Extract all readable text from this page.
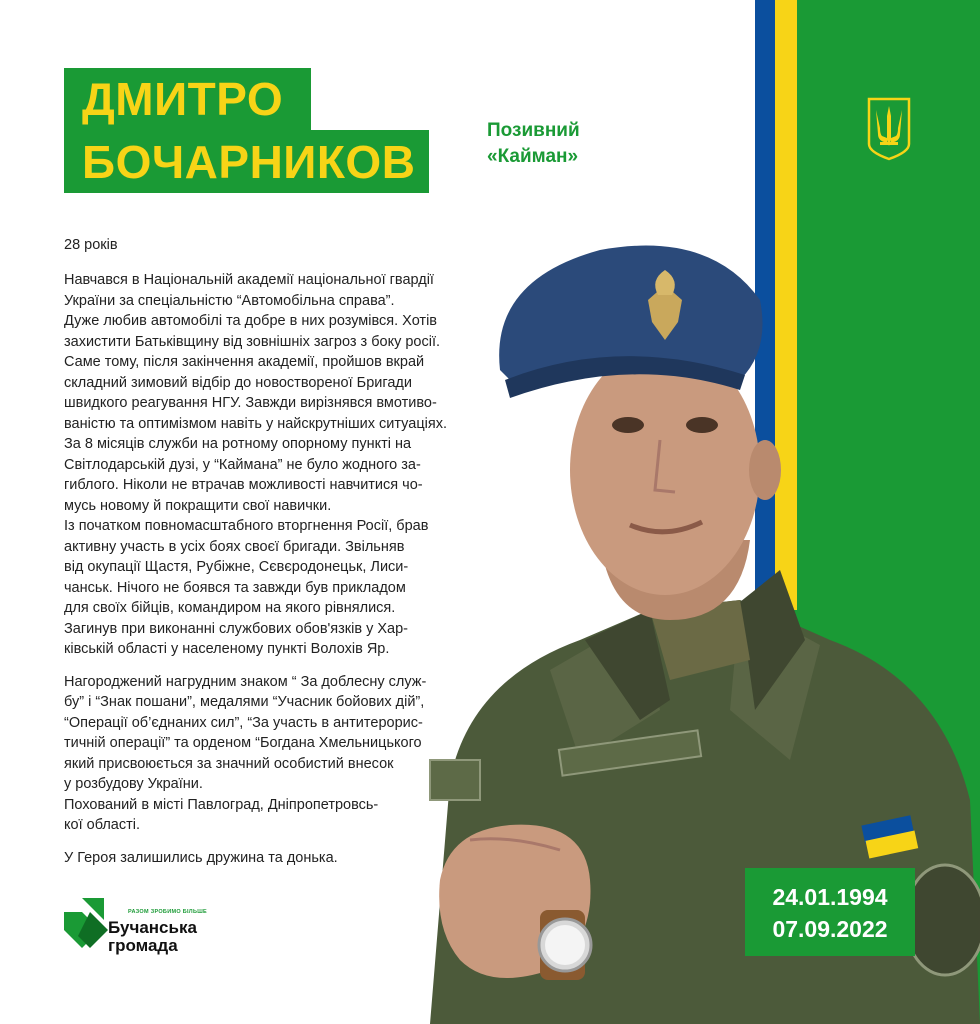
ДМИТРО
БОЧАРНИКОВ
Позивний
«Кайман»
28 років

Навчався в Національній академії національної гвардії
України за спеціальністю “Автомобільна справа”.
Дуже любив автомобілі та добре в них розумівся. Хотів
захистити Батьківщину від зовнішніх загроз з боку росії.
Саме тому, після закінчення академії, пройшов вкрай
складний зимовий відбір до новоствореної Бригади
швидкого реагування НГУ. Завжди вирізнявся вмотиво-
ваністю та оптимізмом навіть у найскрутніших ситуаціях.
За 8 місяців служби на ротному опорному пункті на
Світлодарській дузі, у “Каймана” не було жодного за-
гиблого. Ніколи не втрачав можливості навчитися чо-
мусь новому й покращити свої навички.
Із початком повномасштабного вторгнення Росії, брав
активну участь в усіх боях своєї бригади. Звільняв
від окупації Щастя, Рубіжне, Сєвєродонецьк, Лиси-
чанськ. Нічого не боявся та завжди був прикладом
для своїх бійців, командиром на якого рівнялися.
Загинув при виконанні службових обов'язків у Хар-
ківській області у населеному пункті Волохів Яр.

Нагороджений нагрудним знаком “ За доблесну служ-
бу” і “Знак пошани”, медалями “Учасник бойових дій”,
“Операції об’єднаних сил”, “За участь в антитерорис-
тичній операції” та орденом “Богдана Хмельницького
який присвоюється за значний особистий внесок
у розбудову України.
Похований в місті Павлоград, Дніпропетровсь-
кої області.

У Героя залишились дружина та донька.

24.01.1994
07.09.2022
РАЗОМ ЗРОБИМО БІЛЬШЕ
Бучанська
громада
